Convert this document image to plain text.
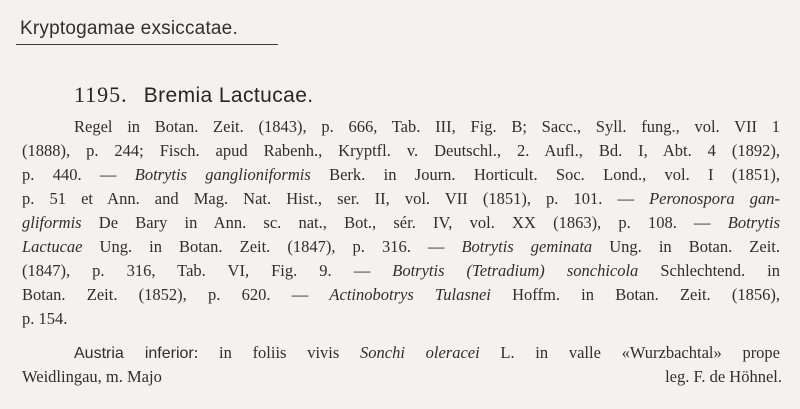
Kryptogamae exsiccatae.
1195. Bremia Lactucae.
Regel in Botan. Zeit. (1843), p. 666, Tab. III, Fig. B; Sacc., Syll. fung., vol. VII 1
(1888), p. 244; Fisch. apud Rabenh., Kryptfl. v. Deutschl., 2. Aufl., Bd. I, Abt. 4 (1892),
p. 440. — Botrytis ganglioniformis Berk. in Journ. Horticult. Soc. Lond., vol. I (1851),
p. 51 et Ann. and Mag. Nat. Hist., ser. II, vol. VII (1851), p. 101. — Peronospora gan-
gliformis De Bary in Ann. sc. nat., Bot., sér. IV, vol. XX (1863), p. 108. — Botrytis
Lactucae Ung. in Botan. Zeit. (1847), p. 316. — Botrytis geminata Ung. in Botan. Zeit.
(1847), p. 316, Tab. VI, Fig. 9. — Botrytis (Tetradium) sonchicola Schlechtend. in
Botan. Zeit. (1852), p. 620. — Actinobotrys Tulasnei Hoffm. in Botan. Zeit. (1856),
p. 154.
Austria inferior: in foliis vivis Sonchi oleracei L. in valle «Wurzbachtal» prope
Weidlingau, m. Majo	leg. F. de Höhnel.
